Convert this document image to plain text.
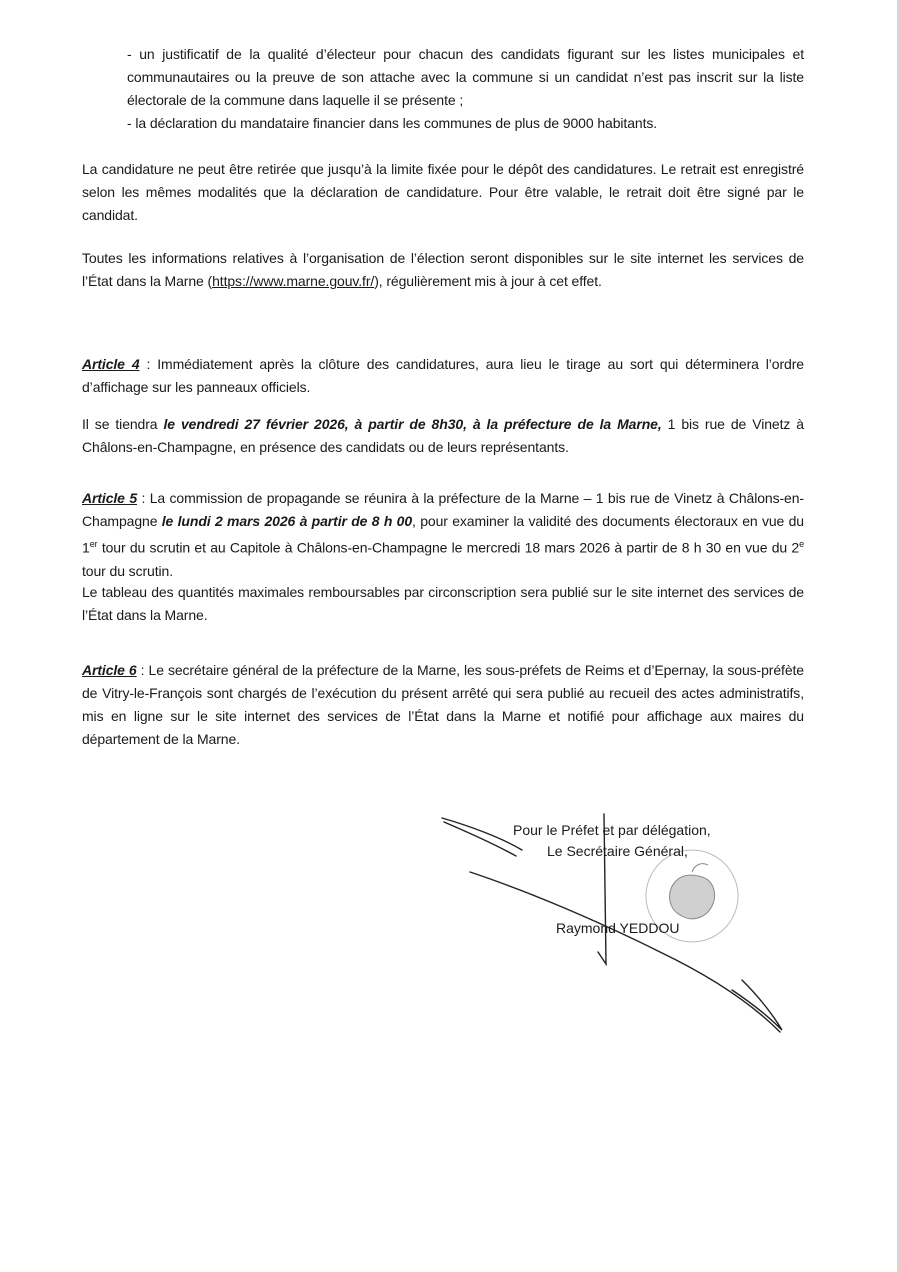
- un justificatif de la qualité d’électeur pour chacun des candidats figurant sur les listes municipales et communautaires ou la preuve de son attache avec la commune si un candidat n’est pas inscrit sur la liste électorale de la commune dans laquelle il se présente ;

- la déclaration du mandataire financier dans les communes de plus de 9000 habitants.

La candidature ne peut être retirée que jusqu’à la limite fixée pour le dépôt des candidatures. Le retrait est enregistré selon les mêmes modalités que la déclaration de candidature. Pour être valable, le retrait doit être signé par le candidat.

Toutes les informations relatives à l’organisation de l’élection seront disponibles sur le site internet les services de l’État dans la Marne (https://www.marne.gouv.fr/), régulièrement mis à jour à cet effet.

Article 4 : Immédiatement après la clôture des candidatures, aura lieu le tirage au sort qui déterminera l’ordre d’affichage sur les panneaux officiels.

Il se tiendra le vendredi 27 février 2026, à partir de 8h30, à la préfecture de la Marne, 1 bis rue de Vinetz à Châlons-en-Champagne, en présence des candidats ou de leurs représentants.

Article 5 : La commission de propagande se réunira à la préfecture de la Marne – 1 bis rue de Vinetz à Châlons-en-Champagne le lundi 2 mars 2026 à partir de 8 h 00, pour examiner la validité des documents électoraux en vue du 1er tour du scrutin et au Capitole à Châlons-en-Champagne le mercredi 18 mars 2026 à partir de 8 h 30 en vue du 2e tour du scrutin.

Le tableau des quantités maximales remboursables par circonscription sera publié sur le site internet des services de l’État dans la Marne.

Article 6 : Le secrétaire général de la préfecture de la Marne, les sous-préfets de Reims et d’Epernay, la sous-préfète de Vitry-le-François sont chargés de l’exécution du présent arrêté qui sera publié au recueil des actes administratifs, mis en ligne sur le site internet des services de l’État dans la Marne et notifié pour affichage aux maires du département de la Marne.

Pour le Préfet et par délégation,
Le Secrétaire Général,
Raymond YEDDOU
